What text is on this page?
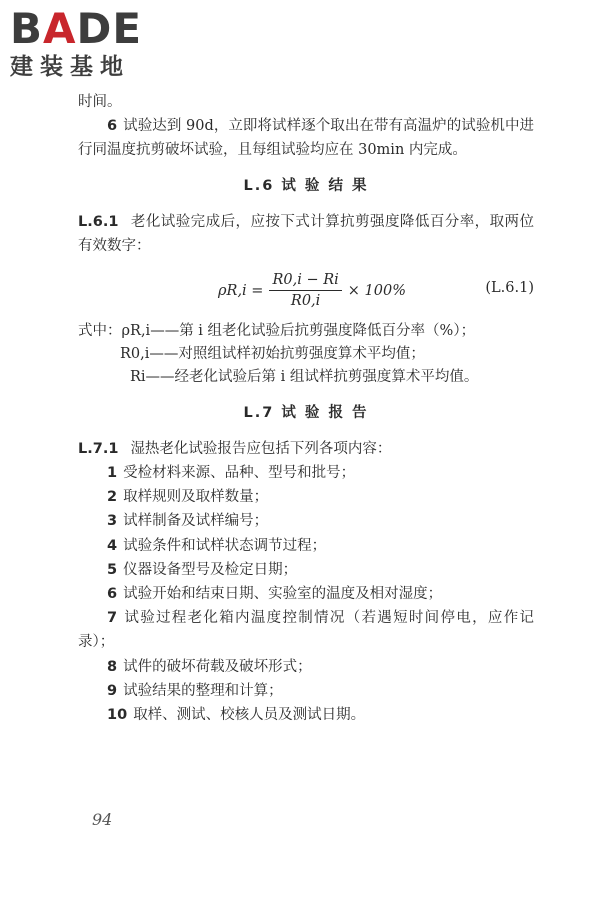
BADE
建装基地

时间。

6 试验达到 90d，立即将试样逐个取出在带有高温炉的试验机中进行同温度抗剪破坏试验，且每组试验均应在 30min 内完成。

L.6 试 验 结 果

L.6.1 老化试验完成后，应按下式计算抗剪强度降低百分率，取两位有效数字：

$\rho R,i = \frac{R0,i - Ri}{R0,i} \times 100\%$	(L.6.1)

式中：ρR,i——第 i 组老化试验后抗剪强度降低百分率（%）；

R0,i——对照组试样初始抗剪强度算术平均值；

Ri——经老化试验后第 i 组试样抗剪强度算术平均值。

L.7 试 验 报 告

L.7.1 湿热老化试验报告应包括下列各项内容：

1 受检材料来源、品种、型号和批号；

2 取样规则及取样数量；

3 试样制备及试样编号；

4 试验条件和试样状态调节过程；

5 仪器设备型号及检定日期；

6 试验开始和结束日期、实验室的温度及相对湿度；

7 试验过程老化箱内温度控制情况（若遇短时间停电，应作记录）；

8 试件的破坏荷载及破坏形式；

9 试验结果的整理和计算；

10 取样、测试、校核人员及测试日期。

94
